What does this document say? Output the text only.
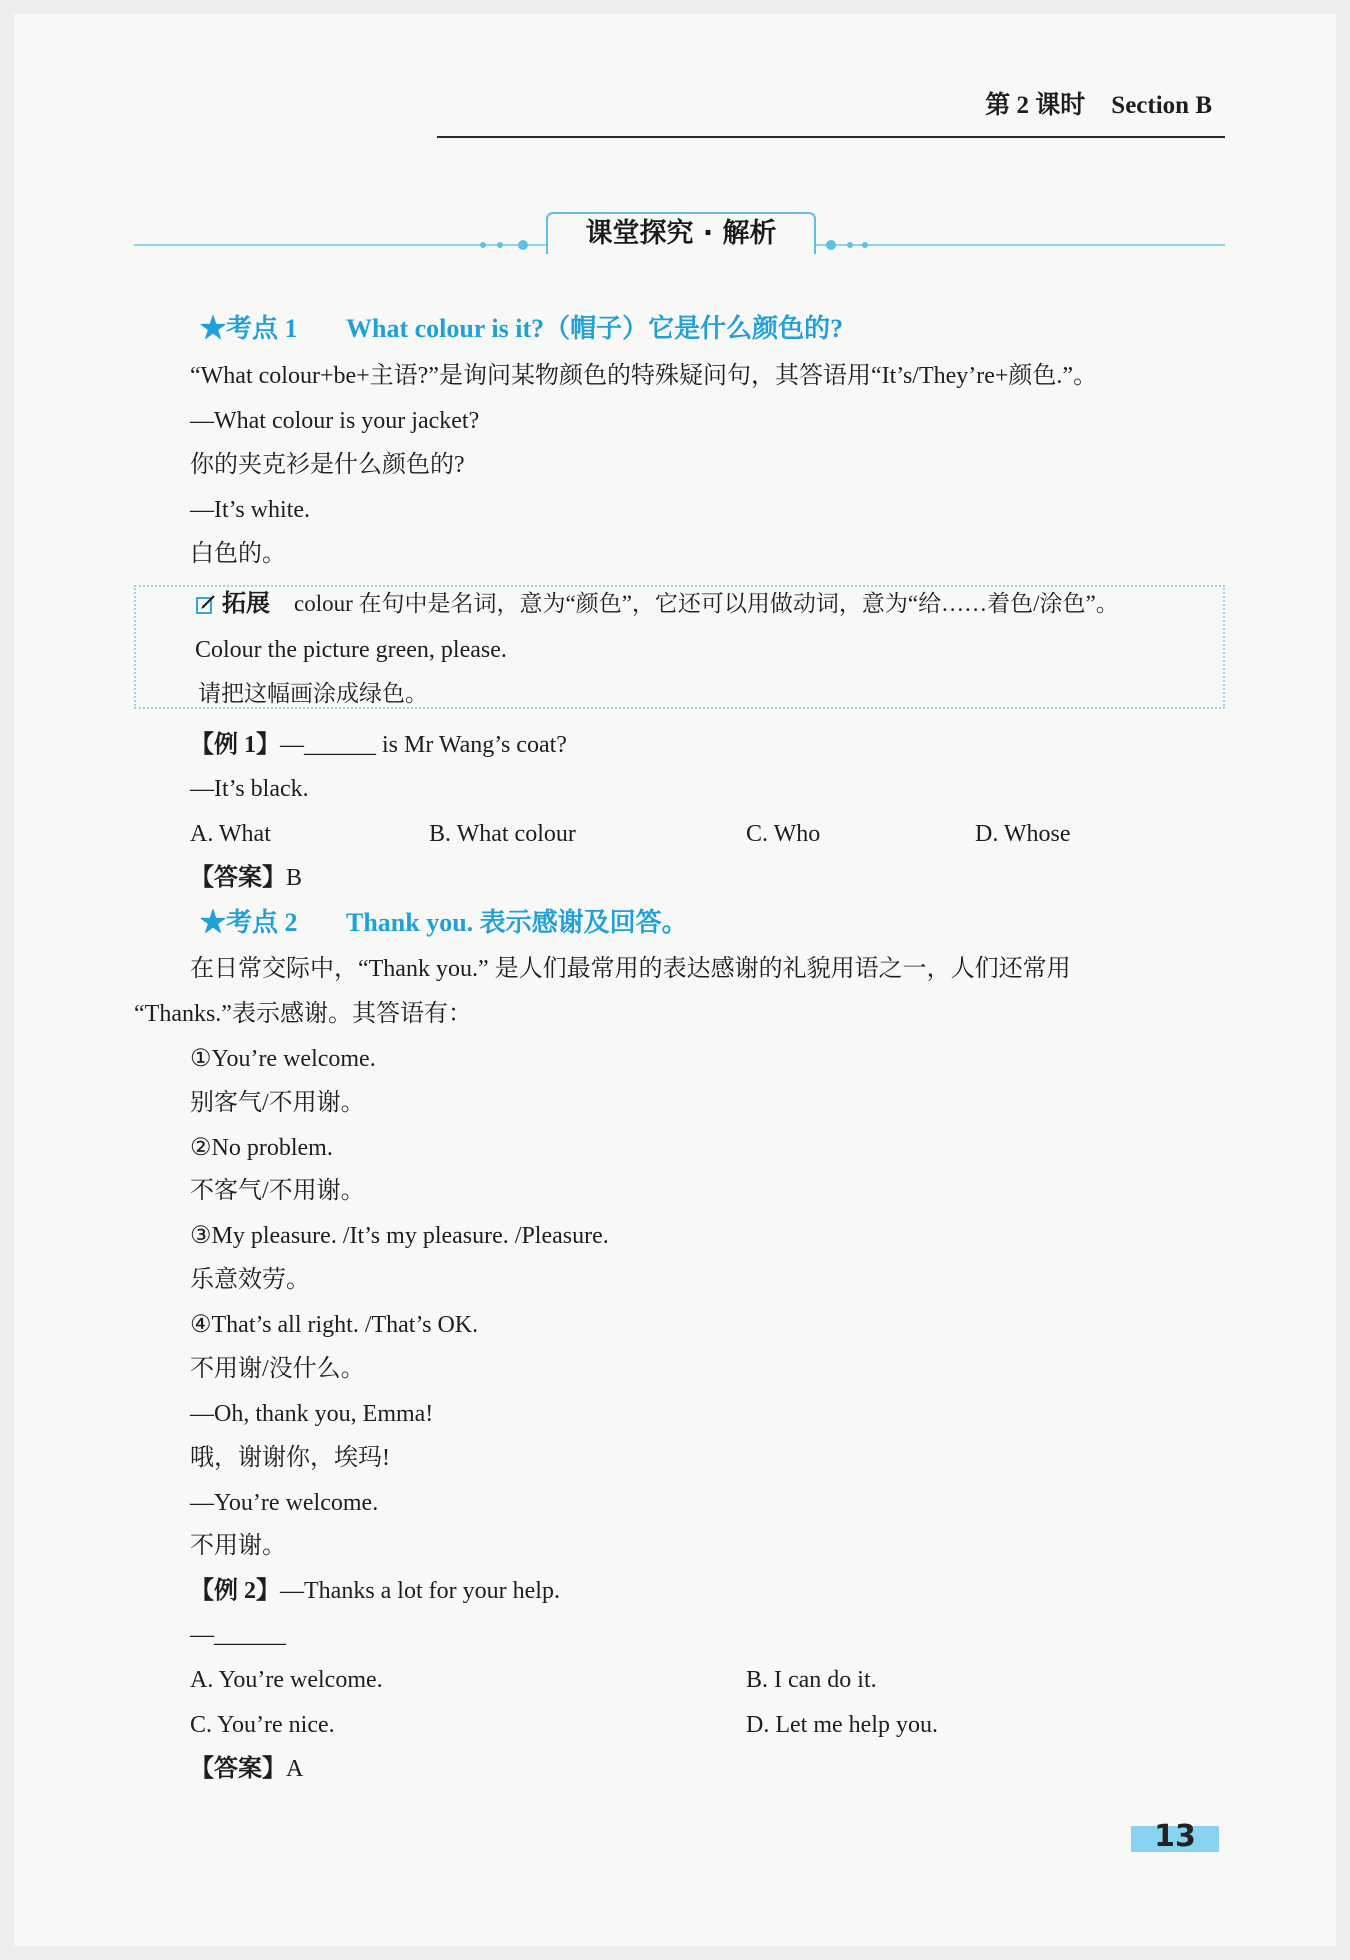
第 2 课时 Section B
课堂探究 · 解析
★考点 1 What colour is it?（帽子）它是什么颜色的?
“What colour+be+主语?”是询问某物颜色的特殊疑问句，其答语用“It’s/They’re+颜色.”。
—What colour is your jacket?
你的夹克衫是什么颜色的?
—It’s white.
白色的。
拓展 colour 在句中是名词，意为“颜色”，它还可以用做动词，意为“给……着色/涂色”。
Colour the picture green, please.
请把这幅画涂成绿色。
【例 1】—______ is Mr Wang’s coat?
—It’s black.
A. What	B. What colour	C. Who	D. Whose
【答案】B
★考点 2 Thank you. 表示感谢及回答。
在日常交际中，“Thank you.” 是人们最常用的表达感谢的礼貌用语之一，人们还常用
“Thanks.”表示感谢。其答语有：
①You’re welcome.
别客气/不用谢。
②No problem.
不客气/不用谢。
③My pleasure. /It’s my pleasure. /Pleasure.
乐意效劳。
④That’s all right. /That’s OK.
不用谢/没什么。
—Oh, thank you, Emma!
哦，谢谢你，埃玛!
—You’re welcome.
不用谢。
【例 2】—Thanks a lot for your help.
—______
A. You’re welcome.	B. I can do it.
C. You’re nice.	D. Let me help you.
【答案】A
13
